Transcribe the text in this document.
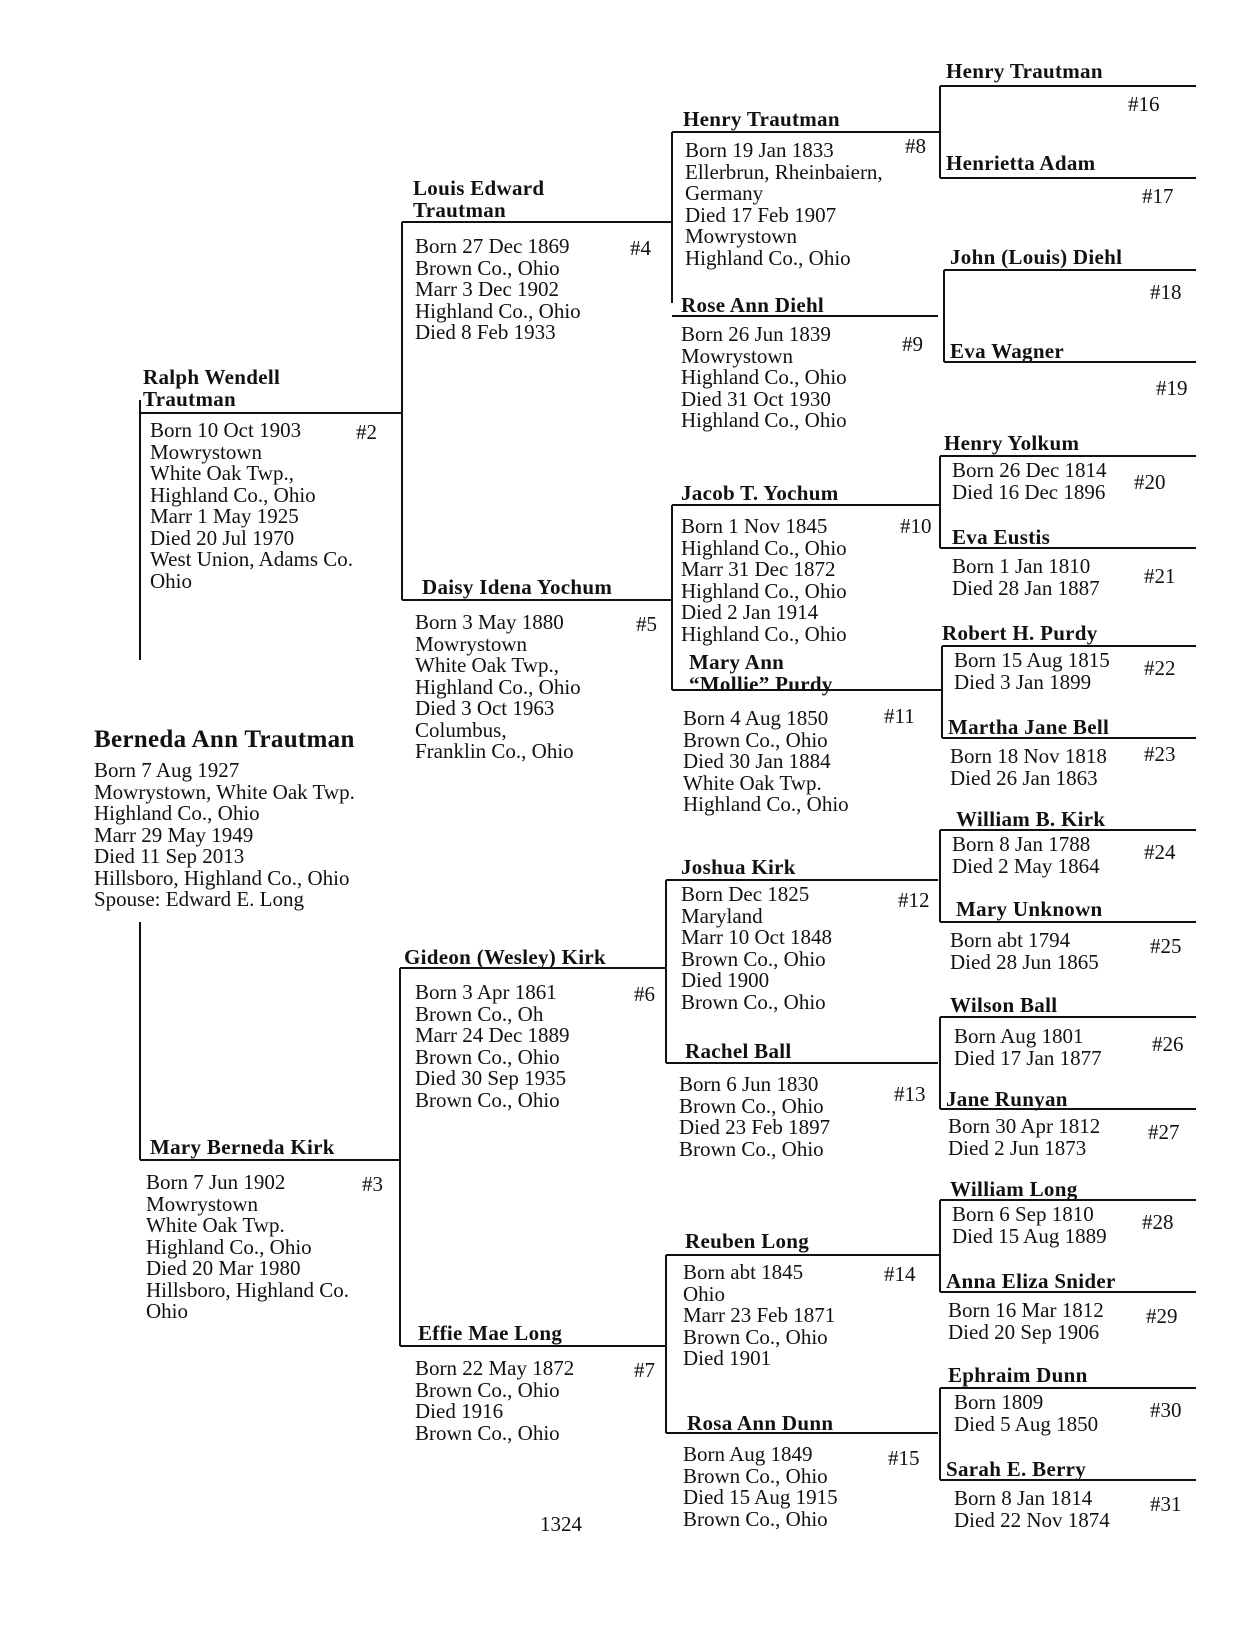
Berneda Ann Trautman
Born 7 Aug 1927
Mowrystown, White Oak Twp.
Highland Co., Ohio
Marr 29 May 1949
Died 11 Sep 2013
Hillsboro, Highland Co., Ohio
Spouse: Edward E. Long
Ralph Wendell
Trautman
#2
Born 10 Oct 1903
Mowrystown
White Oak Twp.,
Highland Co., Ohio
Marr 1 May 1925
Died 20 Jul 1970
West Union, Adams Co.
Ohio
Mary Berneda Kirk
#3
Born 7 Jun 1902
Mowrystown
White Oak Twp.
Highland Co., Ohio
Died 20 Mar 1980
Hillsboro, Highland Co.
Ohio
Louis Edward
Trautman
#4
Born 27 Dec 1869
Brown Co., Ohio
Marr 3 Dec 1902
Highland Co., Ohio
Died 8 Feb 1933
Daisy Idena Yochum
#5
Born 3 May 1880
Mowrystown
White Oak Twp.,
Highland Co., Ohio
Died 3 Oct 1963
Columbus,
Franklin Co., Ohio
Gideon (Wesley) Kirk
#6
Born 3 Apr 1861
Brown Co., Oh
Marr 24 Dec 1889
Brown Co., Ohio
Died 30 Sep 1935
Brown Co., Ohio
Effie Mae Long
#7
Born 22 May 1872
Brown Co., Ohio
Died 1916
Brown Co., Ohio
Henry Trautman
#8
Born 19 Jan 1833
Ellerbrun, Rheinbaiern,
Germany
Died 17 Feb 1907
Mowrystown
Highland Co., Ohio
Rose Ann Diehl
#9
Born 26 Jun 1839
Mowrystown
Highland Co., Ohio
Died 31 Oct 1930
Highland Co., Ohio
Jacob T. Yochum
#10
Born 1 Nov 1845
Highland Co., Ohio
Marr 31 Dec 1872
Highland Co., Ohio
Died 2 Jan 1914
Highland Co., Ohio
Mary Ann
“Mollie” Purdy
#11
Born 4 Aug 1850
Brown Co., Ohio
Died 30 Jan 1884
White Oak Twp.
Highland Co., Ohio
Joshua Kirk
#12
Born Dec 1825
Maryland
Marr 10 Oct 1848
Brown Co., Ohio
Died 1900
Brown Co., Ohio
Rachel Ball
#13
Born 6 Jun 1830
Brown Co., Ohio
Died 23 Feb 1897
Brown Co., Ohio
Reuben Long
#14
Born abt 1845
Ohio
Marr 23 Feb 1871
Brown Co., Ohio
Died 1901
Rosa Ann Dunn
#15
Born Aug 1849
Brown Co., Ohio
Died 15 Aug 1915
Brown Co., Ohio
Henry Trautman
#16
Henrietta Adam
#17
John (Louis) Diehl
#18
Eva Wagner
#19
Henry Yolkum
#20
Born 26 Dec 1814
Died 16 Dec 1896
Eva Eustis
#21
Born 1 Jan 1810
Died 28 Jan 1887
Robert H. Purdy
#22
Born 15 Aug 1815
Died 3 Jan 1899
Martha Jane Bell
#23
Born 18 Nov 1818
Died 26 Jan 1863
William B. Kirk
#24
Born 8 Jan 1788
Died 2 May 1864
Mary Unknown
#25
Born abt 1794
Died 28 Jun 1865
Wilson Ball
#26
Born Aug 1801
Died 17 Jan 1877
Jane Runyan
#27
Born 30 Apr 1812
Died 2 Jun 1873
William Long
#28
Born 6 Sep 1810
Died 15 Aug 1889
Anna Eliza Snider
#29
Born 16 Mar 1812
Died 20 Sep 1906
Ephraim Dunn
#30
Born 1809
Died 5 Aug 1850
Sarah E. Berry
#31
Born 8 Jan 1814
Died 22 Nov 1874
1324
